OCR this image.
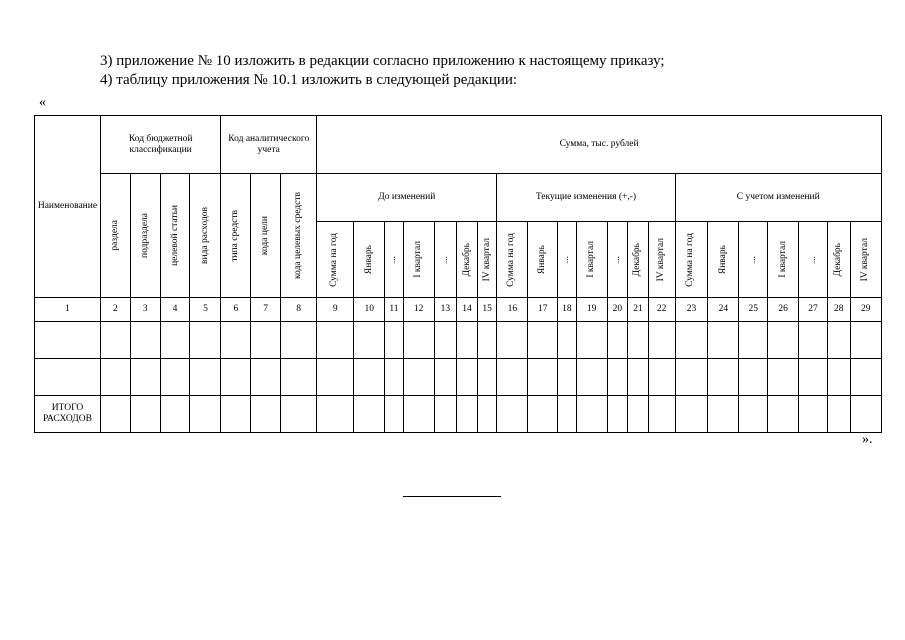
3) приложение № 10 изложить в редакции согласно приложению к настоящему приказу;
4) таблицу приложения № 10.1 изложить в следующей редакции:
«
Наименование	Код бюджетной классификации				Код аналитического учета			Сумма, тыс. рублей																				

	раздела	подраздела	целевой статьи	вида расходов	типа средств	кода цели	кода целевых средств	До изменений							Текущие изменения (+,-)							С учетом изменений						

								Сумма на год	Январь	...	I квартал	...	Декабрь	IV квартал	Сумма на год	Январь	...	I квартал	...	Декабрь	IV квартал	Сумма на год	Январь	...	I квартал	...	Декабрь	IV квартал

1	2	3	4	5	6	7	8	9	10	11	12	13	14	15	16	17	18	19	20	21	22	23	24	25	26	27	28	29

ИТОГО РАСХОДОВ																												
».
